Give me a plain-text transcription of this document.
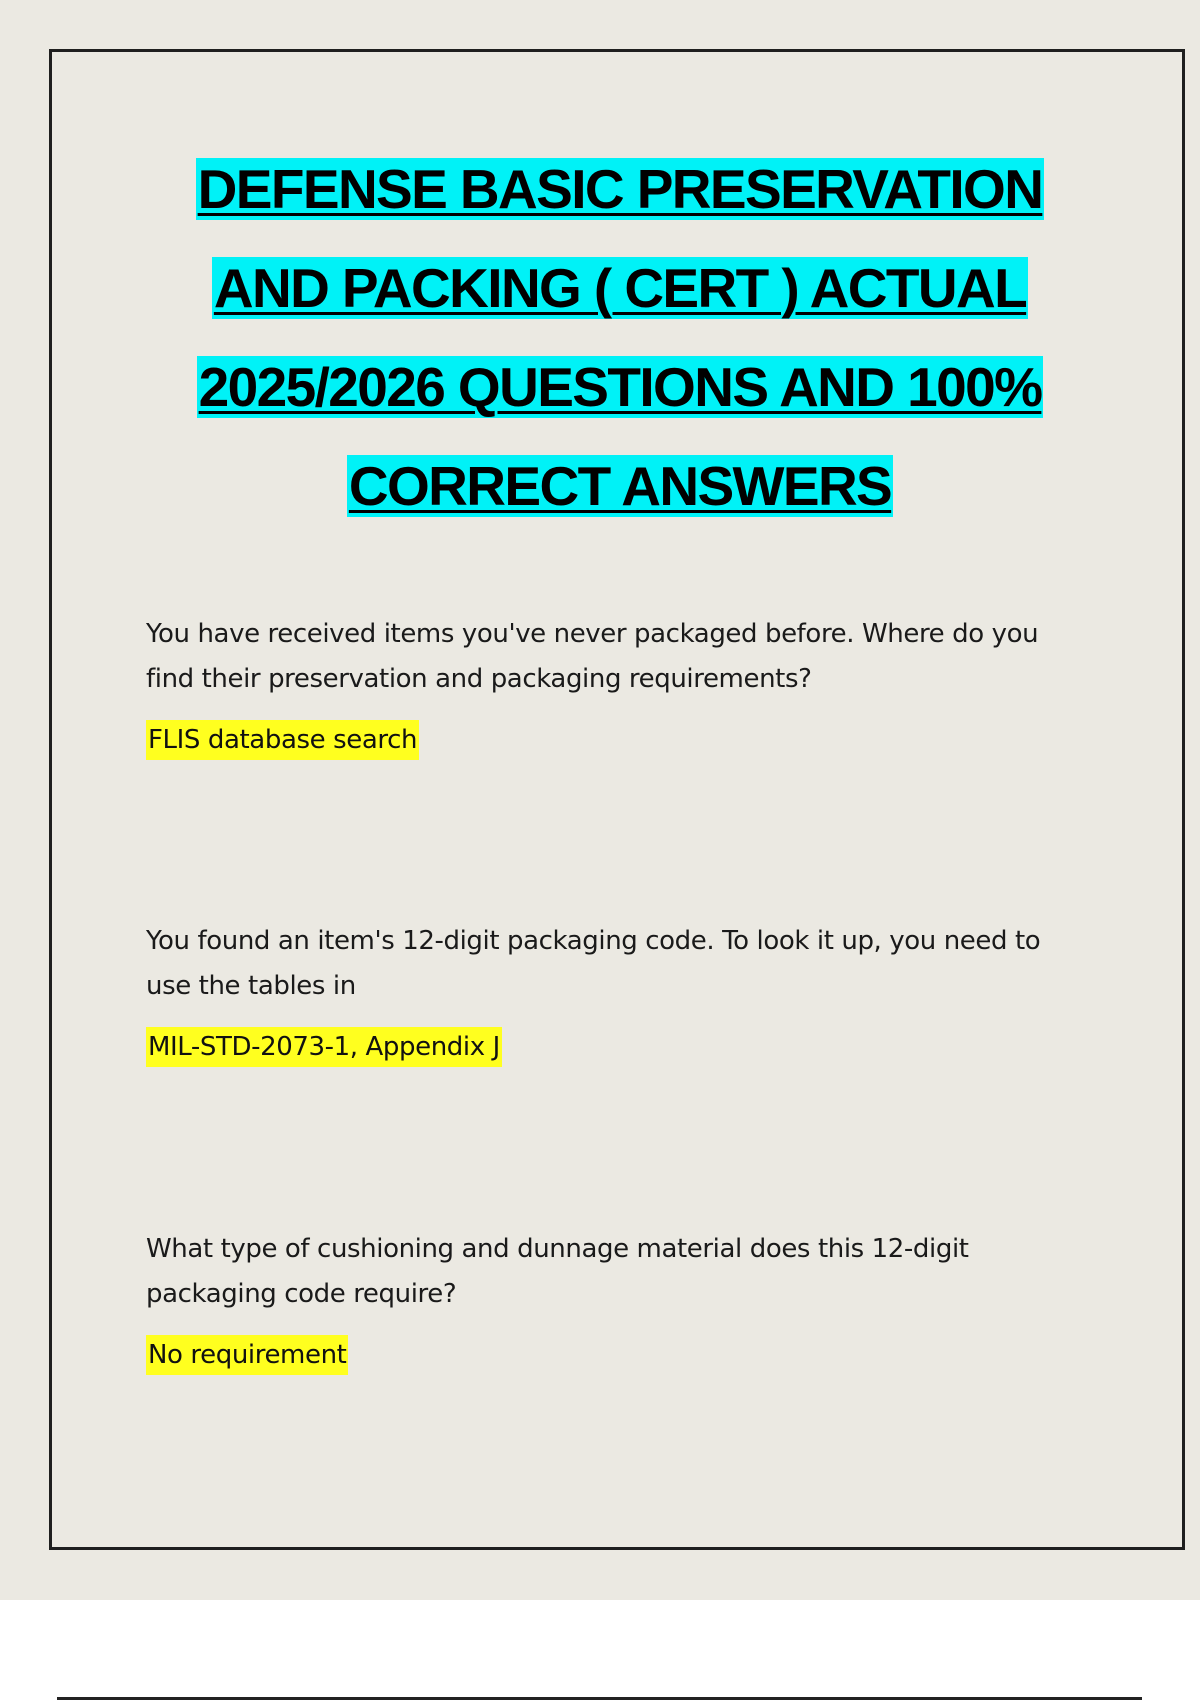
DEFENSE BASIC PRESERVATION
AND PACKING ( CERT ) ACTUAL
2025/2026 QUESTIONS AND 100%
CORRECT ANSWERS

You have received items you've never packaged before. Where do you find their preservation and packaging requirements?

FLIS database search

You found an item's 12-digit packaging code. To look it up, you need to use the tables in

MIL-STD-2073-1, Appendix J

What type of cushioning and dunnage material does this 12-digit packaging code require?

No requirement
